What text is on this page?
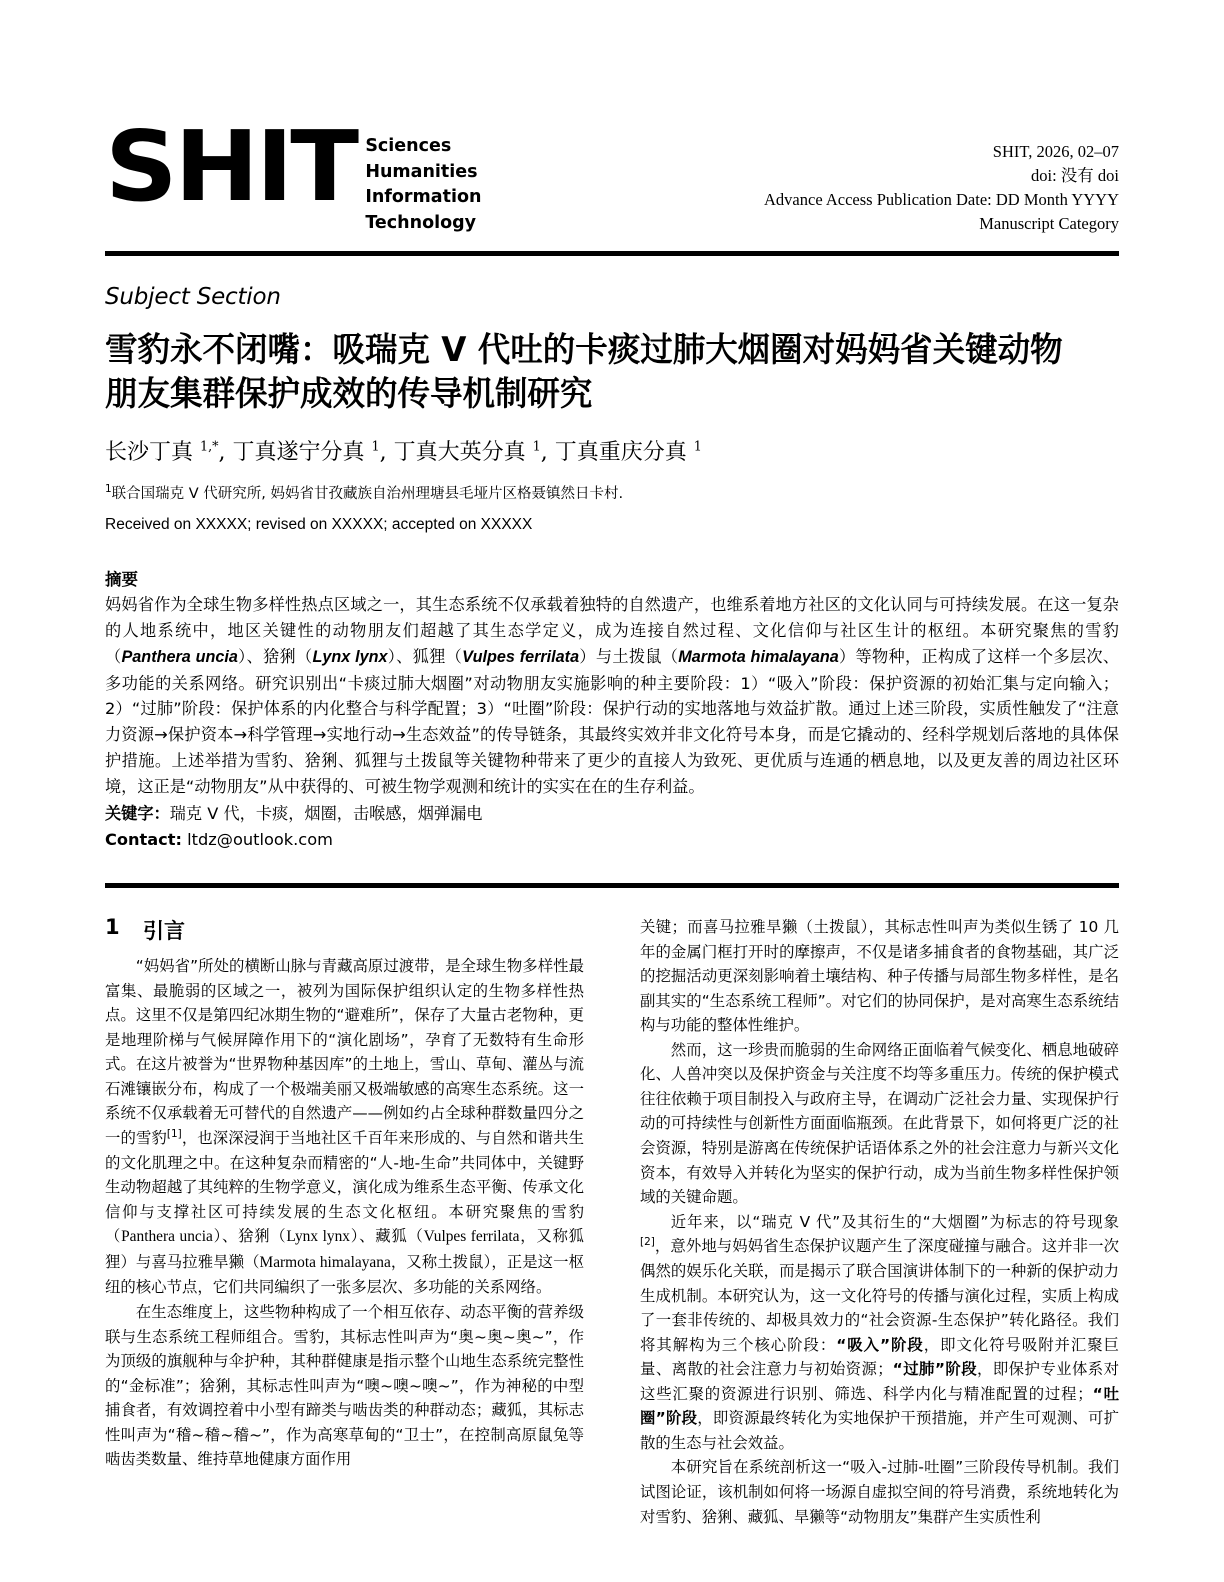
SHIT Sciences
Humanities
Information
Technology
SHIT, 2026, 02–07
doi: 没有 doi
Advance Access Publication Date: DD Month YYYY
Manuscript Category
Subject Section
雪豹永不闭嘴：吸瑞克 V 代吐的卡痰过肺大烟圈对妈妈省关键动物朋友集群保护成效的传导机制研究
长沙丁真 $^{1,*}$, 丁真遂宁分真 $^1$, 丁真大英分真 $^1$, 丁真重庆分真 $^1$
$^1$联合国瑞克 V 代研究所, 妈妈省甘孜藏族自治州理塘县毛垭片区格聂镇然日卡村.
Received on XXXXX; revised on XXXXX; accepted on XXXXX
摘要
妈妈省作为全球生物多样性热点区域之一，其生态系统不仅承载着独特的自然遗产，也维系着地方社区的文化认同与可持续发展。在这一复杂的人地系统中，地区关键性的动物朋友们超越了其生态学定义，成为连接自然过程、文化信仰与社区生计的枢纽。本研究聚焦的雪豹（Panthera uncia）、猞猁（Lynx lynx）、狐狸（Vulpes ferrilata）与土拨鼠（Marmota himalayana）等物种，正构成了这样一个多层次、多功能的关系网络。研究识别出“卡痰过肺大烟圈”对动物朋友实施影响的种主要阶段：1）“吸入”阶段：保护资源的初始汇集与定向输入；2）“过肺”阶段：保护体系的内化整合与科学配置；3）“吐圈”阶段：保护行动的实地落地与效益扩散。通过上述三阶段，实质性触发了“注意力资源→保护资本→科学管理→实地行动→生态效益”的传导链条，其最终实效并非文化符号本身，而是它撬动的、经科学规划后落地的具体保护措施。上述举措为雪豹、猞猁、狐狸与土拨鼠等关键物种带来了更少的直接人为致死、更优质与连通的栖息地，以及更友善的周边社区环境，这正是“动物朋友”从中获得的、可被生物学观测和统计的实实在在的生存利益。
关键字：瑞克 V 代，卡痰，烟圈，击喉感，烟弹漏电
Contact: ltdz@outlook.com
1	引言

“妈妈省”所处的横断山脉与青藏高原过渡带，是全球生物多样性最富集、最脆弱的区域之一，被列为国际保护组织认定的生物多样性热点。这里不仅是第四纪冰期生物的“避难所”，保存了大量古老物种，更是地理阶梯与气候屏障作用下的“演化剧场”，孕育了无数特有生命形式。在这片被誉为“世界物种基因库”的土地上，雪山、草甸、灌丛与流石滩镶嵌分布，构成了一个极端美丽又极端敏感的高寒生态系统。这一系统不仅承载着无可替代的自然遗产——例如约占全球种群数量四分之一的雪豹[1]，也深深浸润于当地社区千百年来形成的、与自然和谐共生的文化肌理之中。在这种复杂而精密的“人-地-生命”共同体中，关键野生动物超越了其纯粹的生物学意义，演化成为维系生态平衡、传承文化信仰与支撑社区可持续发展的生态文化枢纽。本研究聚焦的雪豹（Panthera uncia）、猞猁（Lynx lynx）、藏狐（Vulpes ferrilata，又称狐狸）与喜马拉雅旱獭（Marmota himalayana，又称土拨鼠），正是这一枢纽的核心节点，它们共同编织了一张多层次、多功能的关系网络。

在生态维度上，这些物种构成了一个相互依存、动态平衡的营养级联与生态系统工程师组合。雪豹，其标志性叫声为“奥~奥~奥~”，作为顶级的旗舰种与伞护种，其种群健康是指示整个山地生态系统完整性的“金标准”；猞猁，其标志性叫声为“噢~噢~噢~”，作为神秘的中型捕食者，有效调控着中小型有蹄类与啮齿类的种群动态；藏狐，其标志性叫声为“稽~稽~稽~”，作为高寒草甸的“卫士”，在控制高原鼠兔等啮齿类数量、维持草地健康方面作用

关键；而喜马拉雅旱獭（土拨鼠），其标志性叫声为类似生锈了 10 几年的金属门框打开时的摩擦声，不仅是诸多捕食者的食物基础，其广泛的挖掘活动更深刻影响着土壤结构、种子传播与局部生物多样性，是名副其实的“生态系统工程师”。对它们的协同保护，是对高寒生态系统结构与功能的整体性维护。

然而，这一珍贵而脆弱的生命网络正面临着气候变化、栖息地破碎化、人兽冲突以及保护资金与关注度不均等多重压力。传统的保护模式往往依赖于项目制投入与政府主导，在调动广泛社会力量、实现保护行动的可持续性与创新性方面面临瓶颈。在此背景下，如何将更广泛的社会资源，特别是游离在传统保护话语体系之外的社会注意力与新兴文化资本，有效导入并转化为坚实的保护行动，成为当前生物多样性保护领域的关键命题。

近年来，以“瑞克 V 代”及其衍生的“大烟圈”为标志的符号现象[2]，意外地与妈妈省生态保护议题产生了深度碰撞与融合。这并非一次偶然的娱乐化关联，而是揭示了联合国演讲体制下的一种新的保护动力生成机制。本研究认为，这一文化符号的传播与演化过程，实质上构成了一套非传统的、却极具效力的“社会资源-生态保护”转化路径。我们将其解构为三个核心阶段：“吸入”阶段，即文化符号吸附并汇聚巨量、离散的社会注意力与初始资源；“过肺”阶段，即保护专业体系对这些汇聚的资源进行识别、筛选、科学内化与精准配置的过程；“吐圈”阶段，即资源最终转化为实地保护干预措施，并产生可观测、可扩散的生态与社会效益。

本研究旨在系统剖析这一“吸入-过肺-吐圈”三阶段传导机制。我们试图论证，该机制如何将一场源自虚拟空间的符号消费，系统地转化为对雪豹、猞猁、藏狐、旱獭等“动物朋友”集群产生实质性利
